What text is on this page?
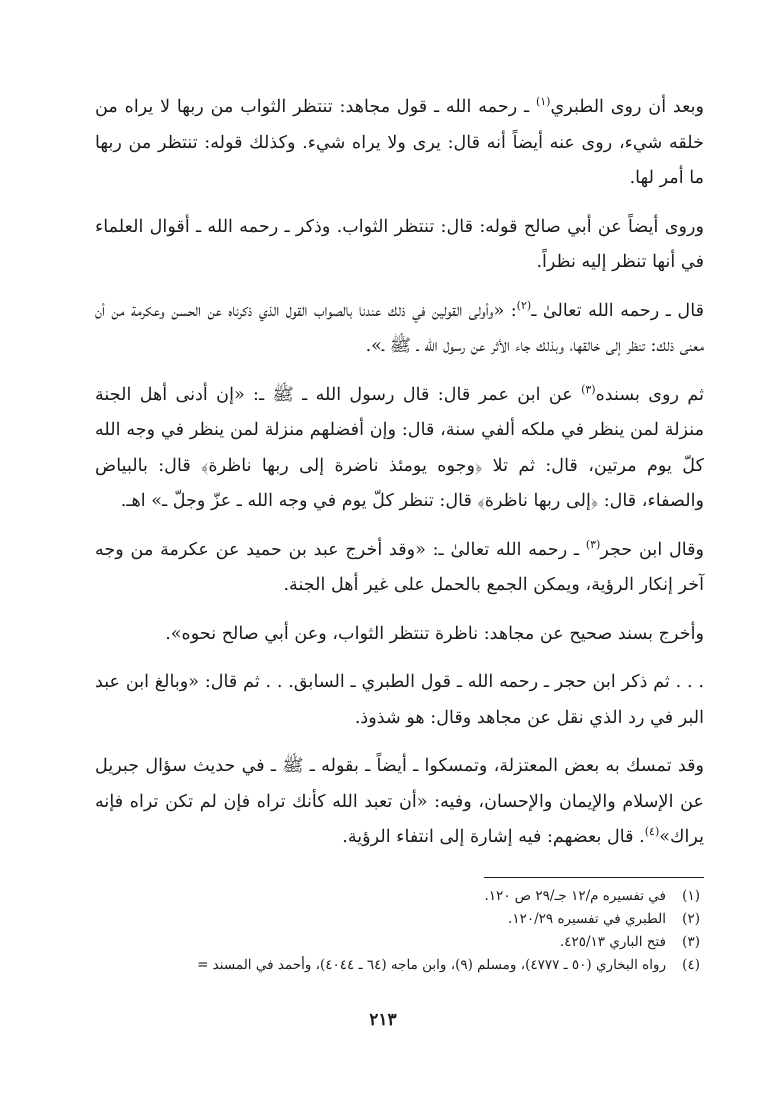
وبعد أن روى الطبري$^{(١)}$ ـ رحمه الله ـ قول مجاهد: تنتظر الثواب من ربها لا يراه من خلقه شيء، روى عنه أيضاً أنه قال: يرى ولا يراه شيء. وكذلك قوله: تنتظر من ربها ما أمر لها.

وروى أيضاً عن أبي صالح قوله: قال: تنتظر الثواب. وذكر ـ رحمه الله ـ أقوال العلماء في أنها تنظر إليه نظراً.

قال ـ رحمه الله تعالىٰ ـ$^{(٢)}$: «وأولى القولين في ذلك عندنا بالصواب القول الذي ذكرناه عن الحسن وعكرمة من أن معنى ذلك: تنظر إلى خالقها، وبذلك جاء الأثر عن رسول الله ـ ﷺ ـ».

ثم روى بسنده$^{(٣)}$ عن ابن عمر قال: قال رسول الله ـ ﷺ ـ: «إن أدنى أهل الجنة منزلة لمن ينظر في ملكه ألفي سنة، قال: وإن أفضلهم منزلة لمن ينظر في وجه الله كلّ يوم مرتين، قال: ثم تلا ﴿وجوه يومئذ ناضرة إلى ربها ناظرة﴾ قال: بالبياض والصفاء، قال: ﴿إلى ربها ناظرة﴾ قال: تنظر كلّ يوم في وجه الله ـ عزّ وجلّ ـ» اهـ.

وقال ابن حجر$^{(٣)}$ ـ رحمه الله تعالىٰ ـ: «وقد أخرج عبد بن حميد عن عكرمة من وجه آخر إنكار الرؤية، ويمكن الجمع بالحمل على غير أهل الجنة.

وأخرج بسند صحيح عن مجاهد: ناظرة تنتظر الثواب، وعن أبي صالح نحوه».

. . . ثم ذكر ابن حجر ـ رحمه الله ـ قول الطبري ـ السابق. . . ثم قال: «وبالغ ابن عبد البر في رد الذي نقل عن مجاهد وقال: هو شذوذ.

وقد تمسك به بعض المعتزلة، وتمسكوا ـ أيضاً ـ بقوله ـ ﷺ ـ في حديث سؤال جبريل عن الإسلام والإيمان والإحسان، وفيه: «أن تعبد الله كأنك تراه فإن لم تكن تراه فإنه يراك»$^{(٤)}$. قال بعضهم: فيه إشارة إلى انتفاء الرؤية.

(١)
في تفسيره م/١٢ جـ/٢٩ ص ١٢٠.
(٢)
الطبري في تفسيره ١٢٠/٢٩.
(٣)
فتح الباري ٤٢٥/١٣.
(٤)
رواه البخاري (٥٠ ـ ٤٧٧٧)، ومسلم (٩)، وابن ماجه (٦٤ ـ ٤٠٤٤)، وأحمد في المسند =
٢١٣
